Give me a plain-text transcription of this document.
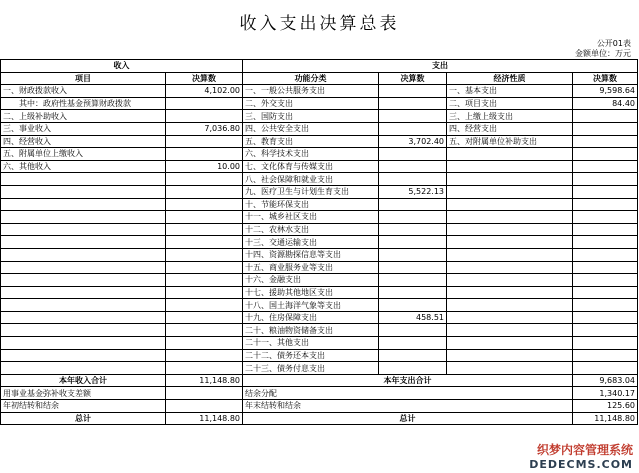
收入支出决算总表
公开01表
金额单位：万元
收入		支出			
项目	决算数	功能分类	决算数	经济性质	决算数
一、财政拨款收入	4,102.00	一、一般公共服务支出		一、基本支出	9,598.64
其中：政府性基金预算财政拨款		二、外交支出		二、项目支出	84.40
二、上级补助收入		三、国防支出		三、上缴上级支出	
三、事业收入	7,036.80	四、公共安全支出		四、经营支出	
四、经营收入		五、教育支出	3,702.40	五、对附属单位补助支出	
五、附属单位上缴收入		六、科学技术支出			
六、其他收入	10.00	七、文化体育与传媒支出			
		八、社会保障和就业支出			
		九、医疗卫生与计划生育支出	5,522.13		
		十、节能环保支出			
		十一、城乡社区支出			
		十二、农林水支出			
		十三、交通运输支出			
		十四、资源勘探信息等支出			
		十五、商业服务业等支出			
		十六、金融支出			
		十七、援助其他地区支出			
		十八、国土海洋气象等支出			
		十九、住房保障支出	458.51		
		二十、粮油物资储备支出			
		二十一、其他支出			
		二十二、债务还本支出			
		二十三、债务付息支出			
本年收入合计	11,148.80	本年支出合计			9,683.04
用事业基金弥补收支差额		结余分配			1,340.17
年初结转和结余		年末结转和结余			125.60
总计	11,148.80	总计			11,148.80
织梦内容管理系统
DEDECMS.COM
